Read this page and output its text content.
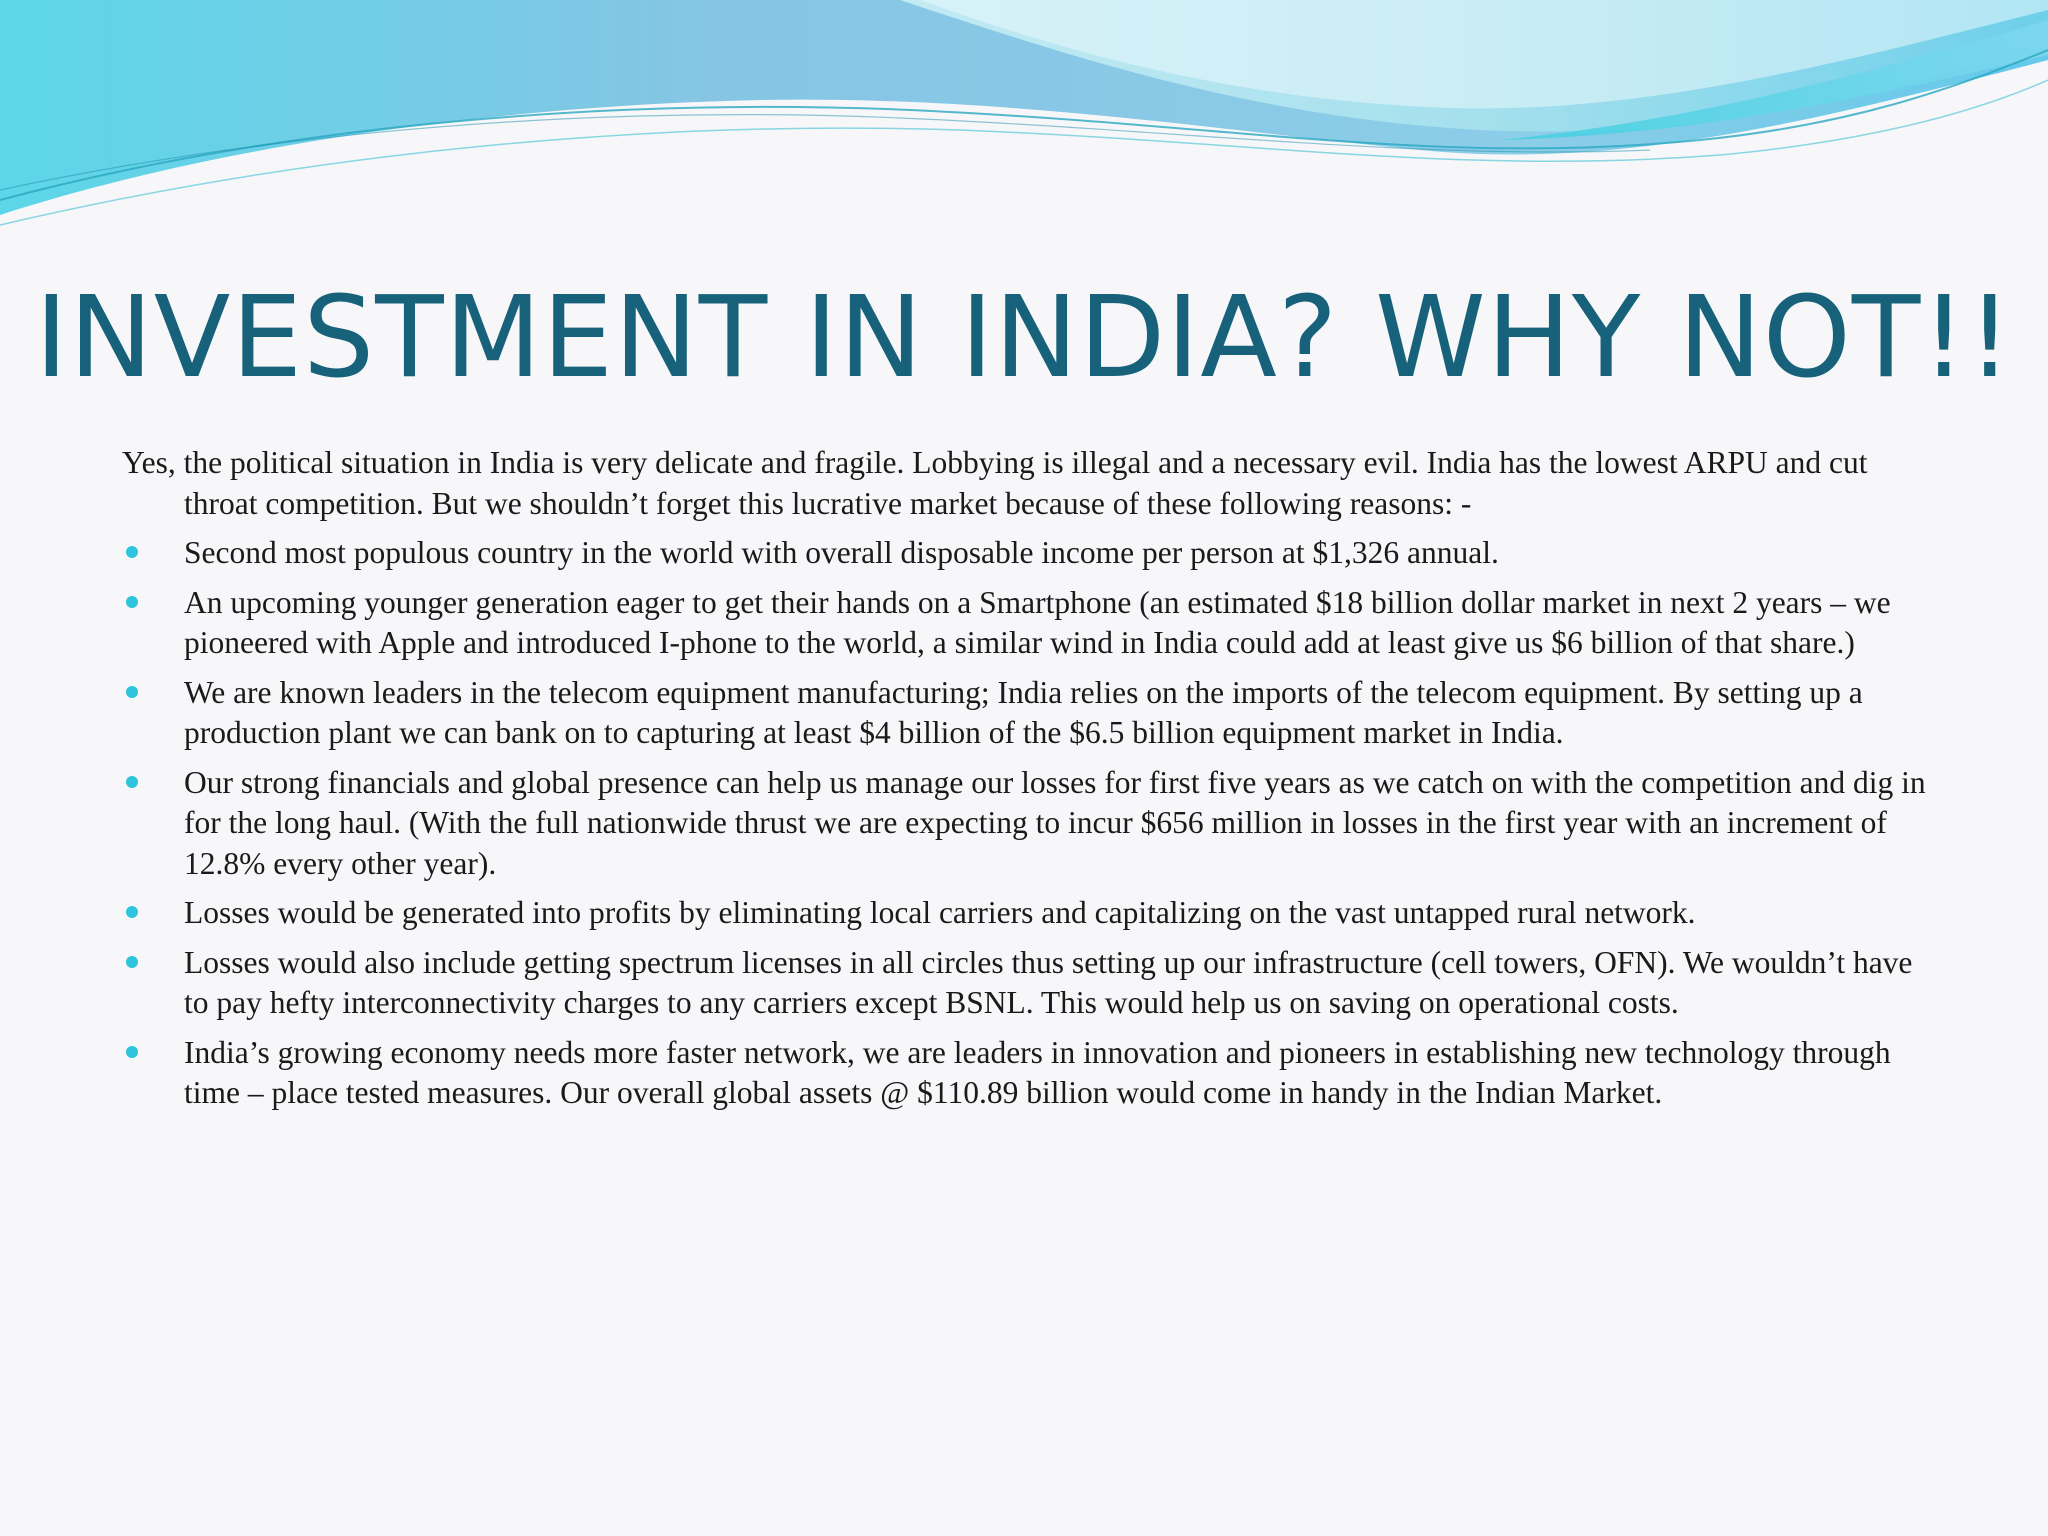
INVESTMENT IN INDIA? WHY NOT!!

Yes, the political situation in India is very delicate and fragile. Lobbying is illegal and a necessary evil. India has the lowest ARPU and cut throat competition. But we shouldn’t forget this lucrative market because of these following reasons: -

Second most populous country in the world with overall disposable income per person at $1,326 annual.
An upcoming younger generation eager to get their hands on a Smartphone (an estimated $18 billion dollar market in next 2 years – we pioneered with Apple and introduced I-phone to the world, a similar wind in India could add at least give us $6 billion of that share.)
We are known leaders in the telecom equipment manufacturing; India relies on the imports of the telecom equipment. By setting up a production plant we can bank on to capturing at least $4 billion of the $6.5 billion equipment market in India.
Our strong financials and global presence can help us manage our losses for first five years as we catch on with the competition and dig in for the long haul. (With the full nationwide thrust we are expecting to incur $656 million in losses in the first year with an increment of 12.8% every other year).
Losses would be generated into profits by eliminating local carriers and capitalizing on the vast untapped rural network.
Losses would also include getting spectrum licenses in all circles thus setting up our infrastructure (cell towers, OFN). We wouldn’t have to pay hefty interconnectivity charges to any carriers except BSNL. This would help us on saving on operational costs.
India’s growing economy needs more faster network, we are leaders in innovation and pioneers in establishing new technology through time – place tested measures. Our overall global assets @ $110.89 billion would come in handy in the Indian Market.
